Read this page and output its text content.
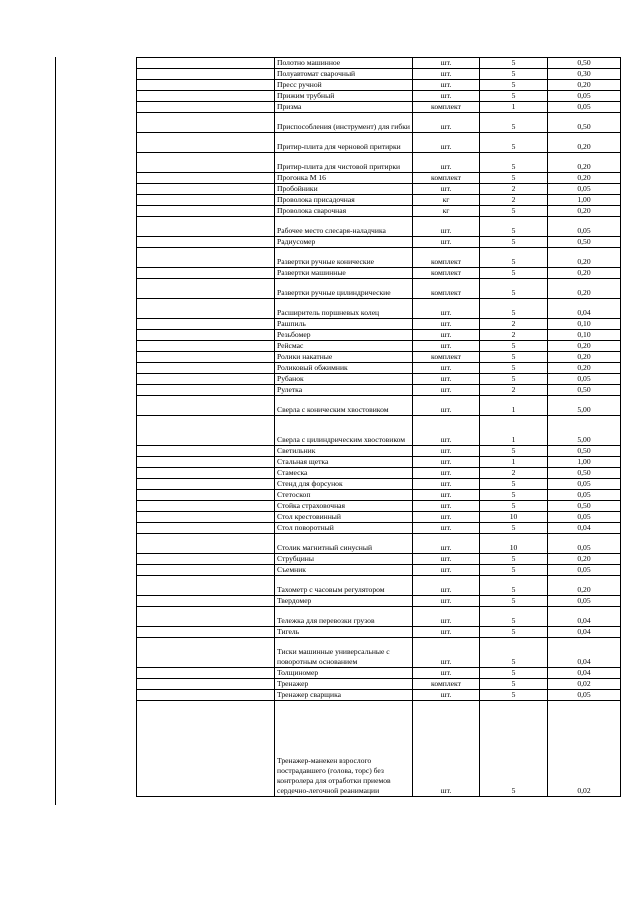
	Полотно машинное	шт.	5	0,50
	Полуавтомат сварочный	шт.	5	0,30
	Пресс ручной	шт.	5	0,20
	Прижим трубный	шт.	5	0,05
	Призма	комплект	1	0,05
	Приспособления (инструмент) для гибки	шт.	5	0,50
	Притир-плита для черновой притирки	шт.	5	0,20
	Притир-плита для чистовой притирки	шт.	5	0,20
	Прогонка М 16	комплект	5	0,20
	Пробойники	шт.	2	0,05
	Проволока присадочная	кг	2	1,00
	Проволока сварочная	кг	5	0,20
	Рабочее место слесаря-наладчика	шт.	5	0,05
	Радиусомер	шт.	5	0,50
	Развертки ручные конические	комплект	5	0,20
	Развертки машинные	комплект	5	0,20
	Развертки ручные цилиндрические	комплект	5	0,20
	Расширитель поршневых колец	шт.	5	0,04
	Рашпиль	шт.	2	0,10
	Резьбомер	шт.	2	0,10
	Рейсмас	шт.	5	0,20
	Ролики накатные	комплект	5	0,20
	Роликовый обжимник	шт.	5	0,20
	Рубанок	шт.	5	0,05
	Рулетка	шт.	2	0,50
	Сверла с коническим хвостовиком	шт.	1	5,00
	Сверла с цилиндрическим хвостовиком	шт.	1	5,00
	Светильник	шт.	5	0,50
	Стальная щетка	шт.	1	1,00
	Стамеска	шт.	2	0,50
	Стенд для форсунок	шт.	5	0,05
	Стетоскоп	шт.	5	0,05
	Стойка страховочная	шт.	5	0,50
	Стол крестовинный	шт.	10	0,05
	Стол поворотный	шт.	5	0,04
	Столик магнитный синусный	шт.	10	0,05
	Струбцины	шт.	5	0,20
	Съемник	шт.	5	0,05
	Тахометр с часовым регулятором	шт.	5	0,20
	Твердомер	шт.	5	0,05
	Тележка для перевозки грузов	шт.	5	0,04
	Тигель	шт.	5	0,04
	Тиски машинные универсальные с поворотным основанием	шт.	5	0,04
	Толщиномер	шт.	5	0,04
	Тренажер	комплект	5	0,02
	Тренажер сварщика	шт.	5	0,05
	Тренажер-манекен взрослого пострадавшего (голова, торс) без контролера для отработки приемов сердечно-легочной реанимации	шт.	5	0,02
